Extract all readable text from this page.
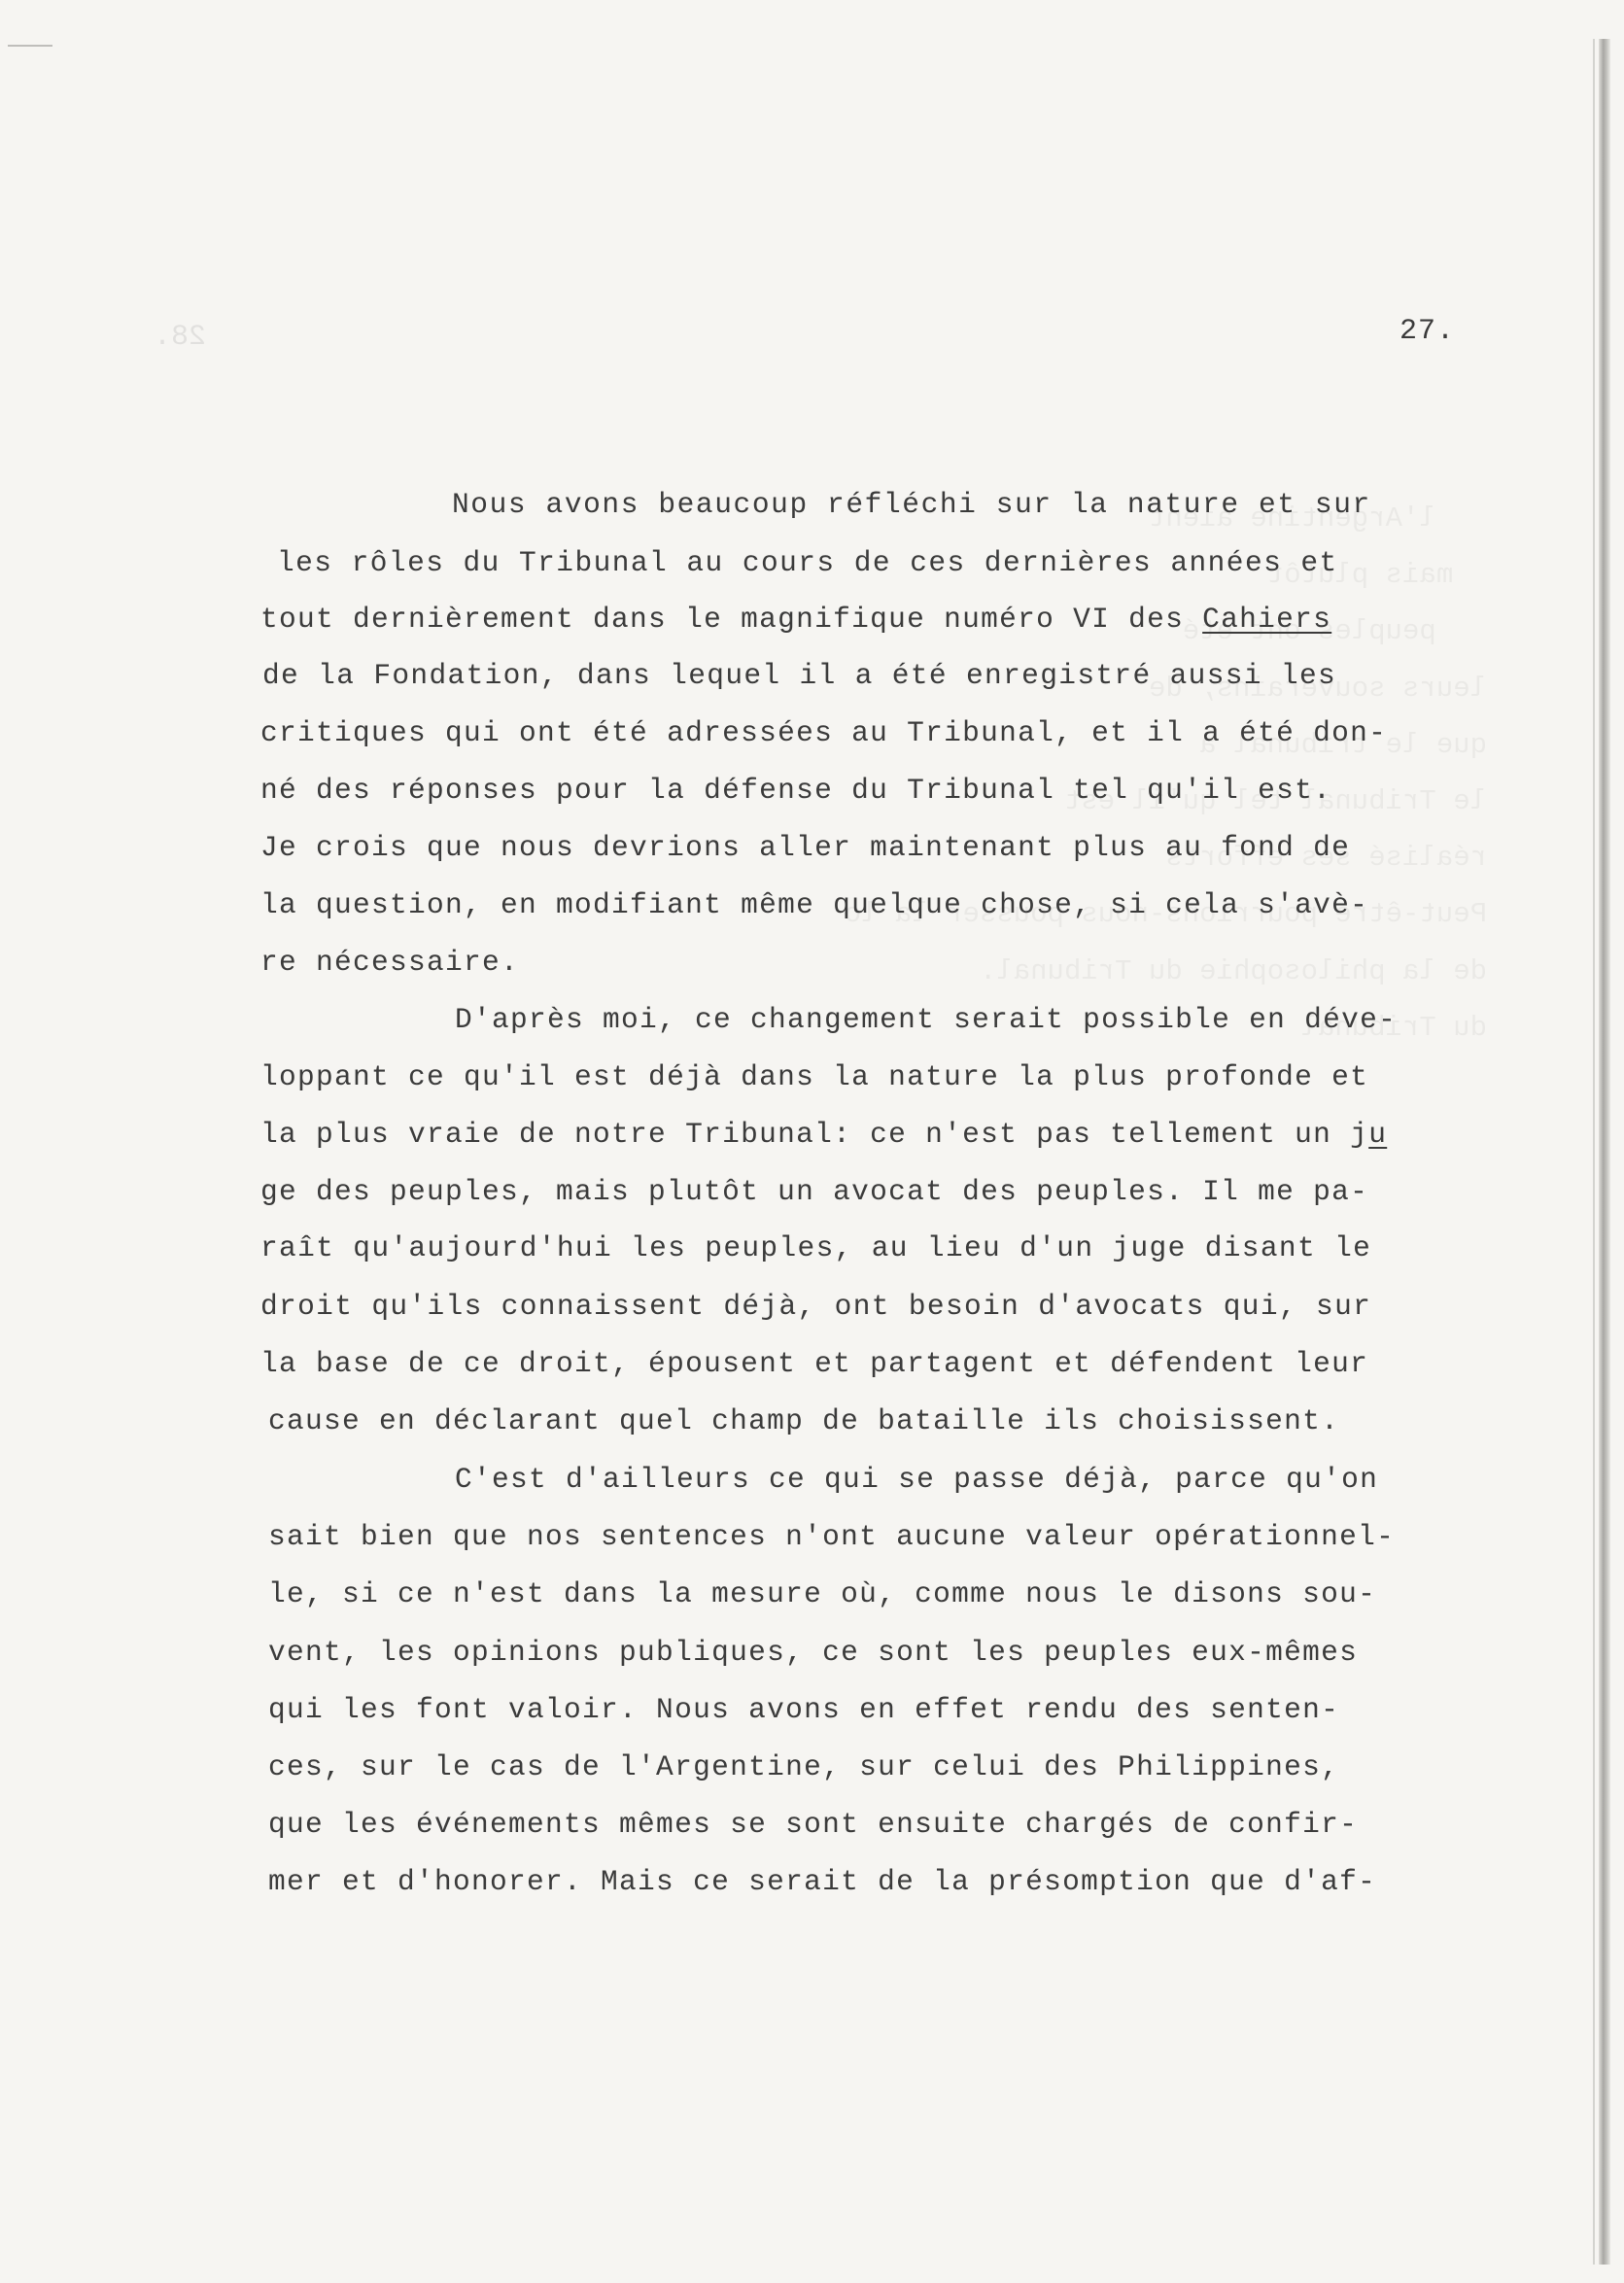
28.	27.
Nous avons beaucoup réfléchi sur la nature et sur
les rôles du Tribunal au cours de ces dernières années et
tout dernièrement dans le magnifique numéro VI des Cahiers
de la Fondation, dans lequel il a été enregistré aussi les
critiques qui ont été adressées au Tribunal, et il a été don-
né des réponses pour la défense du Tribunal tel qu'il est.
Je crois que nous devrions aller maintenant plus au fond de
la question, en modifiant même quelque chose, si cela s'avè-
re nécessaire.
D'après moi, ce changement serait possible en déve-
loppant ce qu'il est déjà dans la nature la plus profonde et
la plus vraie de notre Tribunal: ce n'est pas tellement un ju
ge des peuples, mais plutôt un avocat des peuples. Il me pa-
raît qu'aujourd'hui les peuples, au lieu d'un juge disant le
droit qu'ils connaissent déjà, ont besoin d'avocats qui, sur
la base de ce droit, épousent et partagent et défendent leur
cause en déclarant quel champ de bataille ils choisissent.
C'est d'ailleurs ce qui se passe déjà, parce qu'on
sait bien que nos sentences n'ont aucune valeur opérationnel-
le, si ce n'est dans la mesure où, comme nous le disons sou-
vent, les opinions publiques, ce sont les peuples eux-mêmes
qui les font valoir. Nous avons en effet rendu des senten-
ces, sur le cas de l'Argentine, sur celui des Philippines,
que les événements mêmes se sont ensuite chargés de confir-
mer et d'honorer. Mais ce serait de la présomption que d'af-
